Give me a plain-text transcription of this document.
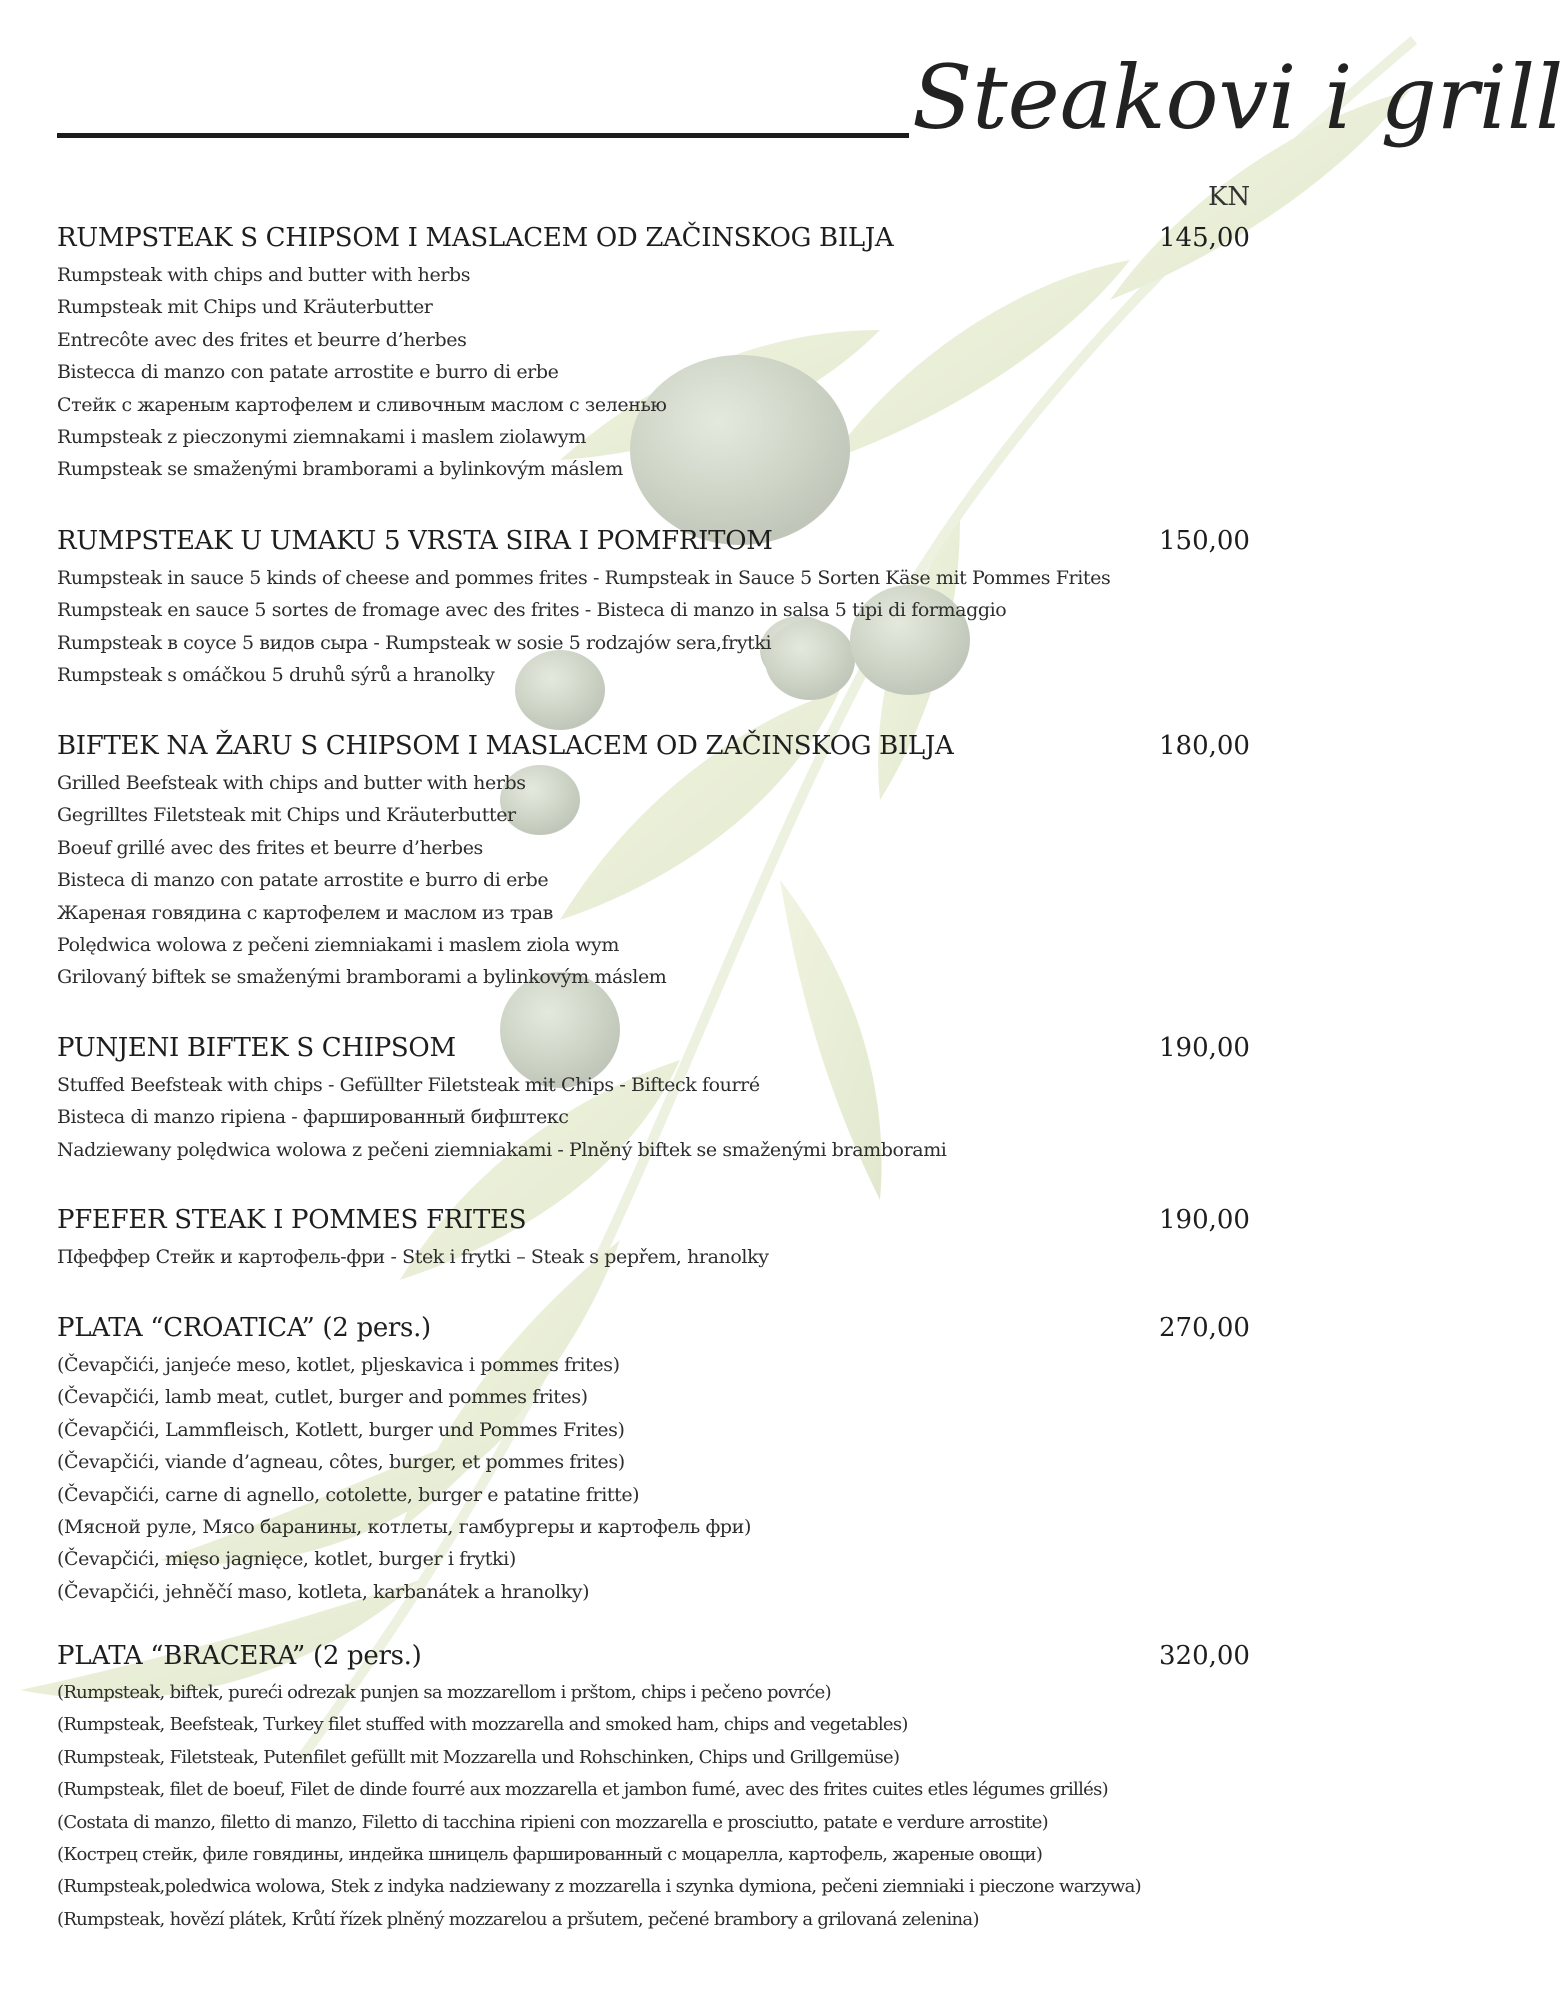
Steakovi i grill
KN
RUMPSTEAK S CHIPSOM I MASLACEM OD ZAČINSKOG BILJA	145,00
Rumpsteak with chips and butter with herbs
Rumpsteak mit Chips und Kräuterbutter
Entrecôte avec des frites et beurre d’herbes
Bistecca di manzo con patate arrostite e burro di erbe
Стейк с жареным картофелем и сливочным маслом с зеленью
Rumpsteak z pieczonymi ziemnakami i maslem ziolawym
Rumpsteak se smaženými bramborami a bylinkovým máslem
RUMPSTEAK U UMAKU 5 VRSTA SIRA I POMFRITOM	150,00
Rumpsteak in sauce 5 kinds of cheese and pommes frites - Rumpsteak in Sauce 5 Sorten Käse mit Pommes Frites
Rumpsteak en sauce 5 sortes de fromage avec des frites - Bisteca di manzo in salsa 5 tipi di formaggio
Rumpsteak в соусе 5 видов сыра - Rumpsteak w sosie 5 rodzajów sera,frytki
Rumpsteak s omáčkou 5 druhů sýrů a hranolky
BIFTEK NA ŽARU S CHIPSOM I MASLACEM OD ZAČINSKOG BILJA	180,00
Grilled Beefsteak with chips and butter with herbs
Gegrilltes Filetsteak mit Chips und Kräuterbutter
Boeuf grillé avec des frites et beurre d’herbes
Bisteca di manzo con patate arrostite e burro di erbe
Жареная говядина с картофелем и маслом из трав
Polędwica wolowa z pečeni ziemniakami i maslem ziola wym
Grilovaný biftek se smaženými bramborami a bylinkovým máslem
PUNJENI BIFTEK S CHIPSOM	190,00
Stuffed Beefsteak with chips - Gefüllter Filetsteak mit Chips - Bifteck fourré
Bisteca di manzo ripiena - фаршированный бифштекс
Nadziewany polędwica wolowa z pečeni ziemniakami - Plněný biftek se smaženými bramborami
PFEFER STEAK I POMMES FRITES	190,00
Пфеффер Стейк и картофель-фри - Stek i frytki – Steak s pepřem, hranolky
PLATA “CROATICA” (2 pers.)	270,00
(Čevapčići, janjeće meso, kotlet, pljeskavica i pommes frites)
(Čevapčići, lamb meat, cutlet, burger and pommes frites)
(Čevapčići, Lammfleisch, Kotlett, burger und Pommes Frites)
(Čevapčići, viande d’agneau, côtes, burger, et pommes frites)
(Čevapčići, carne di agnello, cotolette, burger e patatine fritte)
(Мясной руле, Мясо баранины, котлеты, гамбургеры и картофель фри)
(Čevapčići, mięso jagnięce, kotlet, burger i frytki)
(Čevapčići, jehněčí maso, kotleta, karbanátek a hranolky)
PLATA “BRACERA” (2 pers.)	320,00
(Rumpsteak, biftek, pureći odrezak punjen sa mozzarellom i prštom, chips i pečeno povrće)
(Rumpsteak, Beefsteak, Turkey filet stuffed with mozzarella and smoked ham, chips and vegetables)
(Rumpsteak, Filetsteak, Putenfilet gefüllt mit Mozzarella und Rohschinken, Chips und Grillgemüse)
(Rumpsteak, filet de boeuf, Filet de dinde fourré aux mozzarella et jambon fumé, avec des frites cuites etles légumes grillés)
(Costata di manzo, filetto di manzo, Filetto di tacchina ripieni con mozzarella e prosciutto, patate e verdure arrostite)
(Кострец стейк, филе говядины, индейка шницель фаршированный с моцарелла, картофель, жареные овощи)
(Rumpsteak,poledwica wolowa, Stek z indyka nadziewany z mozzarella i szynka dymiona, pečeni ziemniaki i pieczone warzywa)
(Rumpsteak, hovězí plátek, Krůtí řízek plněný mozzarelou a pršutem, pečené brambory a grilovaná zelenina)
